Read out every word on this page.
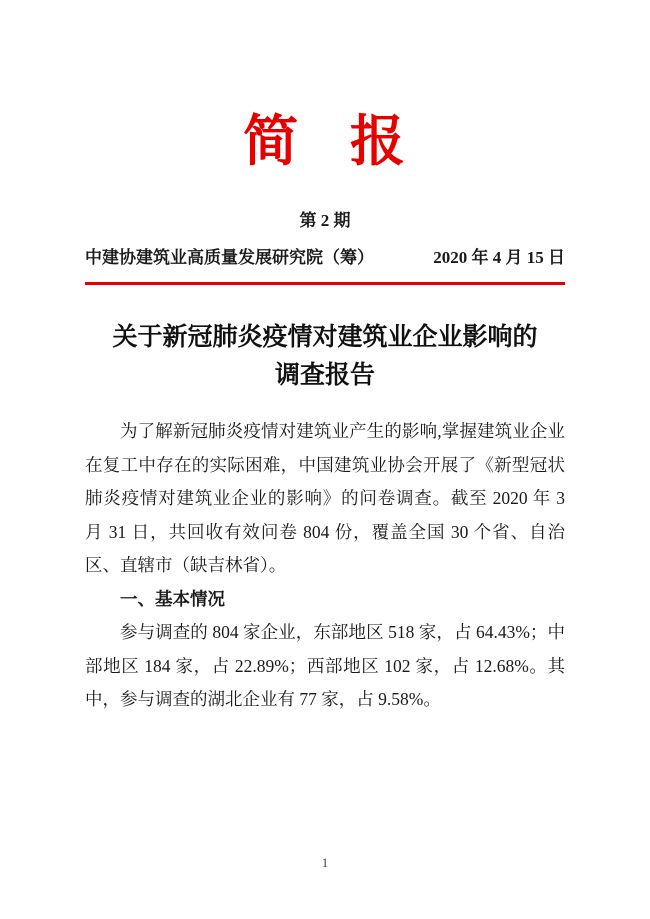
简 报
第 2 期
中建协建筑业高质量发展研究院（筹）	2020 年 4 月 15 日
关于新冠肺炎疫情对建筑业企业影响的
调查报告

为了解新冠肺炎疫情对建筑业产生的影响,掌握建筑业企业在复工中存在的实际困难，中国建筑业协会开展了《新型冠状肺炎疫情对建筑业企业的影响》的问卷调查。截至 2020 年 3 月 31 日，共回收有效问卷 804 份，覆盖全国 30 个省、自治区、直辖市（缺吉林省）。

一、基本情况

参与调查的 804 家企业，东部地区 518 家，占 64.43%；中部地区 184 家，占 22.89%；西部地区 102 家，占 12.68%。其中，参与调查的湖北企业有 77 家，占 9.58%。

1
